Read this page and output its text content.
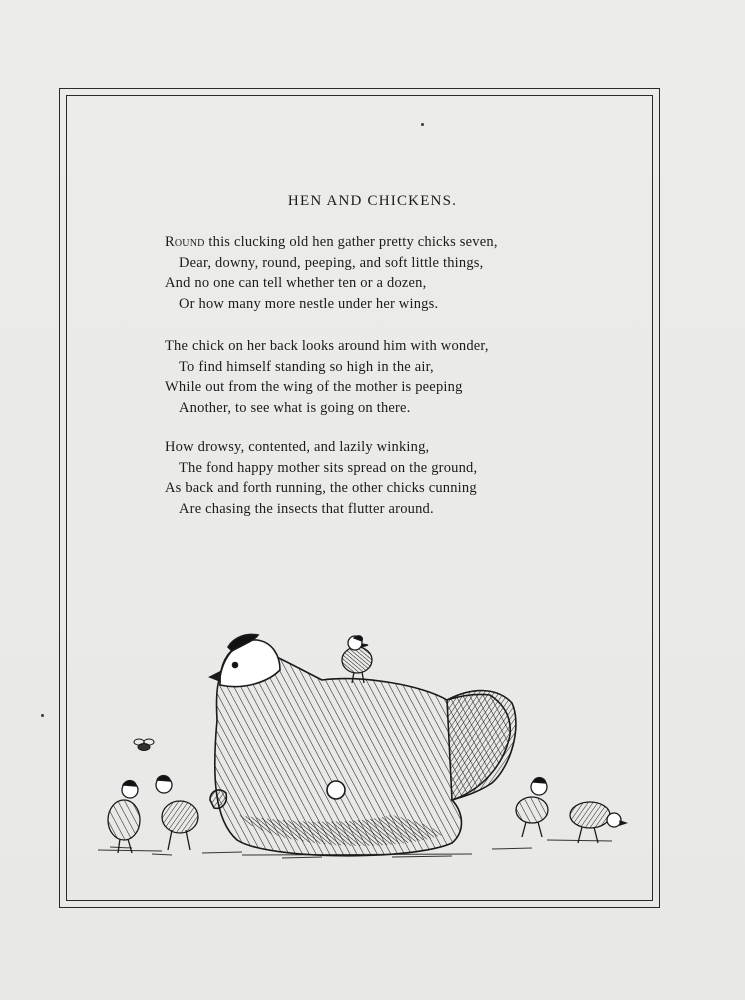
HEN AND CHICKENS.
Round this clucking old hen gather pretty chicks seven,
Dear, downy, round, peeping, and soft little things,
And no one can tell whether ten or a dozen,
Or how many more nestle under her wings.
The chick on her back looks around him with wonder,
To find himself standing so high in the air,
While out from the wing of the mother is peeping
Another, to see what is going on there.
How drowsy, contented, and lazily winking,
The fond happy mother sits spread on the ground,
As back and forth running, the other chicks cunning
Are chasing the insects that flutter around.
